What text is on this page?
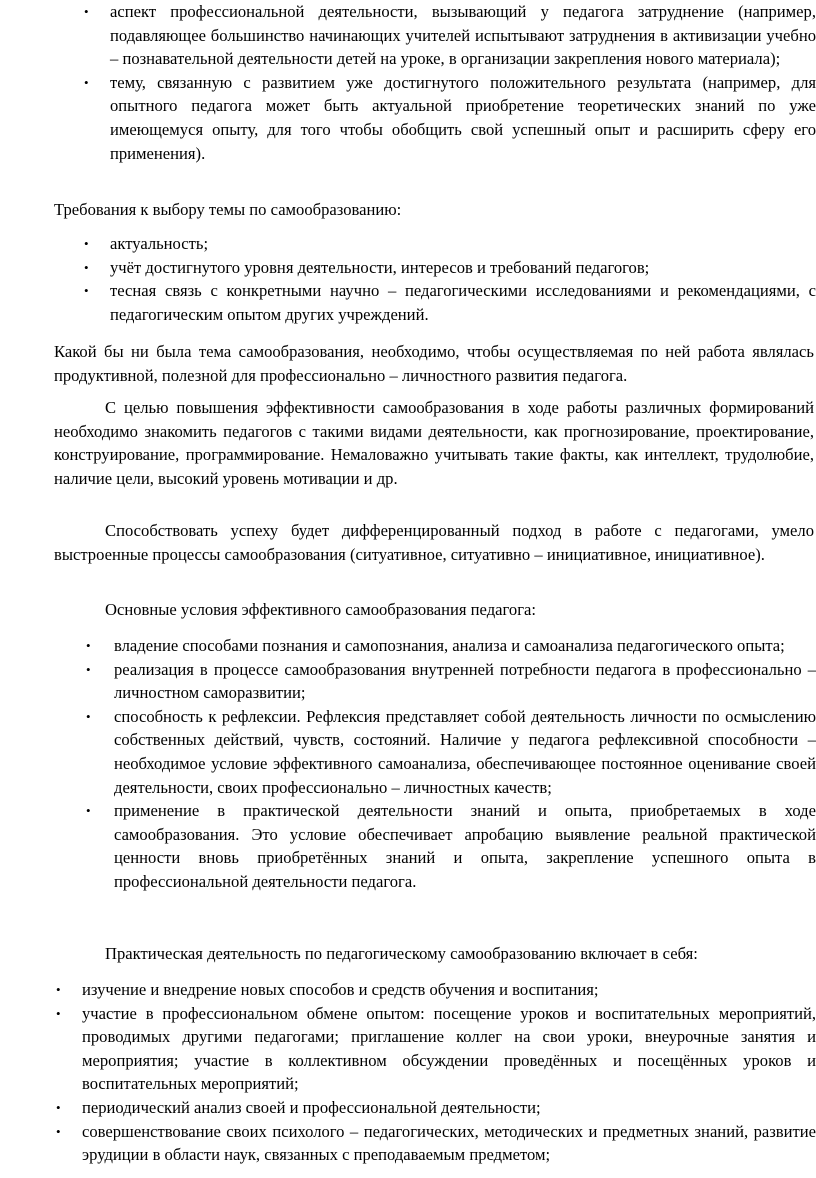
• аспект профессиональной деятельности, вызывающий у педагога затруднение (например, подавляющее большинство начинающих учителей испытывают затруднения в активизации учебно – познавательной деятельности детей на уроке, в организации закрепления нового материала);
• тему, связанную с развитием уже достигнутого положительного результата (например, для опытного педагога может быть актуальной приобретение теоретических знаний по уже имеющемуся опыту, для того чтобы обобщить свой успешный опыт и расширить сферу его применения).

Требования к выбору темы по самообразованию:

• актуальность;
• учёт достигнутого уровня деятельности, интересов и требований педагогов;
• тесная связь с конкретными научно – педагогическими исследованиями и рекомендациями, с педагогическим опытом других учреждений.

Какой бы ни была тема самообразования, необходимо, чтобы осуществляемая по ней работа являлась продуктивной, полезной для профессионально – личностного развития педагога.

С целью повышения эффективности самообразования в ходе работы различных формирований необходимо знакомить педагогов с такими видами деятельности, как прогнозирование, проектирование, конструирование, программирование. Немаловажно учитывать такие факты, как интеллект, трудолюбие, наличие цели, высокий уровень мотивации и др.

Способствовать успеху будет дифференцированный подход в работе с педагогами, умело выстроенные процессы самообразования (ситуативное, ситуативно – инициативное, инициативное).

Основные условия эффективного самообразования педагога:

• владение способами познания и самопознания, анализа и самоанализа педагогического опыта;
• реализация в процессе самообразования внутренней потребности педагога в профессионально – личностном саморазвитии;
• способность к рефлексии. Рефлексия представляет собой деятельность личности по осмыслению собственных действий, чувств, состояний. Наличие у педагога рефлексивной способности – необходимое условие эффективного самоанализа, обеспечивающее постоянное оценивание своей деятельности, своих профессионально – личностных качеств;
• применение в практической деятельности знаний и опыта, приобретаемых в ходе самообразования. Это условие обеспечивает апробацию выявление реальной практической ценности вновь приобретённых знаний и опыта, закрепление успешного опыта в профессиональной деятельности педагога.

Практическая деятельность по педагогическому самообразованию включает в себя:

• изучение и внедрение новых способов и средств обучения и воспитания;
• участие в профессиональном обмене опытом: посещение уроков и воспитательных мероприятий, проводимых другими педагогами; приглашение коллег на свои уроки, внеурочные занятия и мероприятия; участие в коллективном обсуждении проведённых и посещённых уроков и воспитательных мероприятий;
• периодический анализ своей и профессиональной деятельности;
• совершенствование своих психолого – педагогических, методических и предметных знаний, развитие эрудиции в области наук, связанных с преподаваемым предметом;
